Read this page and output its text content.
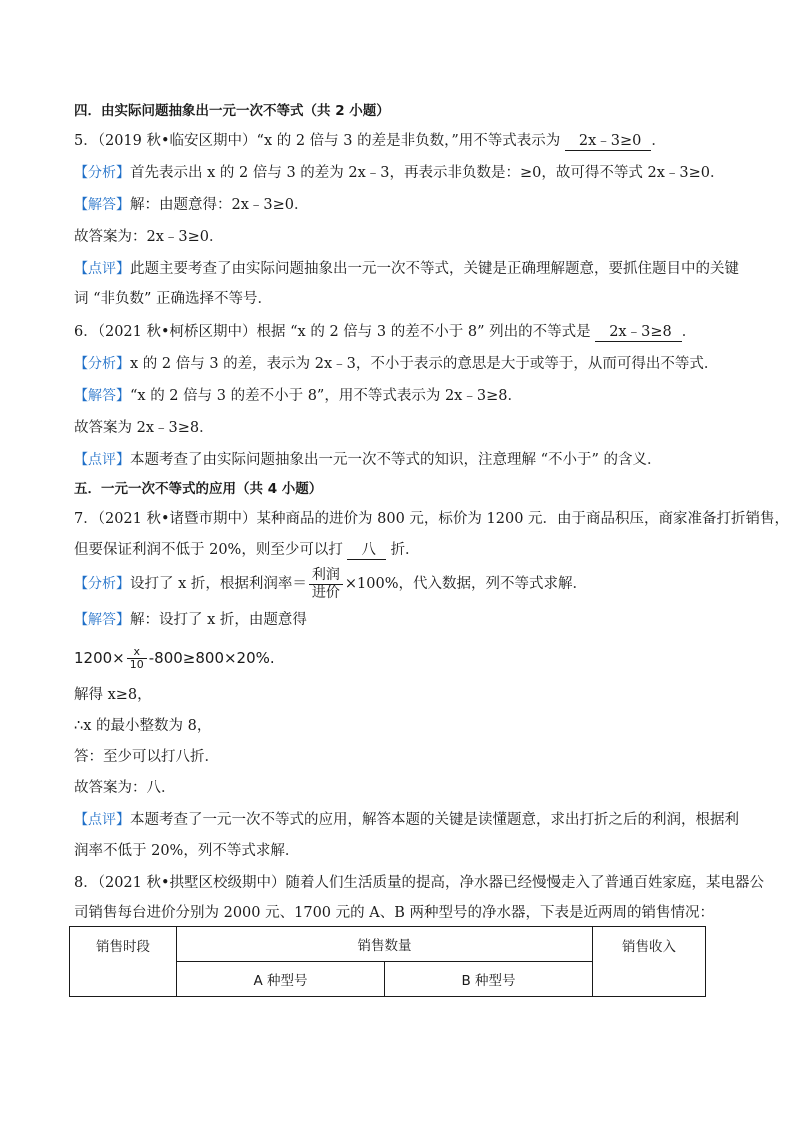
四．由实际问题抽象出一元一次不等式（共 2 小题）
5．（2019 秋•临安区期中）“x 的 2 倍与 3 的差是非负数，”用不等式表示为 2x﹣3≥0 ．
【分析】首先表示出 x 的 2 倍与 3 的差为 2x﹣3，再表示非负数是：≥0，故可得不等式 2x﹣3≥0．
【解答】解：由题意得：2x﹣3≥0．
故答案为：2x﹣3≥0．
【点评】此题主要考查了由实际问题抽象出一元一次不等式，关键是正确理解题意，要抓住题目中的关键
词 “非负数” 正确选择不等号．
6．（2021 秋•柯桥区期中）根据 “x 的 2 倍与 3 的差不小于 8” 列出的不等式是 2x﹣3≥8 ．
【分析】x 的 2 倍与 3 的差，表示为 2x﹣3，不小于表示的意思是大于或等于，从而可得出不等式．
【解答】“x 的 2 倍与 3 的差不小于 8”，用不等式表示为 2x﹣3≥8．
故答案为 2x﹣3≥8．
【点评】本题考查了由实际问题抽象出一元一次不等式的知识，注意理解 “不小于” 的含义．
五．一元一次不等式的应用（共 4 小题）
7．（2021 秋•诸暨市期中）某种商品的进价为 800 元，标价为 1200 元．由于商品积压，商家准备打折销售，
但要保证利润不低于 20%，则至少可以打 八 折．
【分析】设打了 x 折，根据利润率＝ $\frac{\text{利润}}{\text{进价}} \times 100\%$，代入数据，列不等式求解．
【解答】解：设打了 x 折，由题意得
$1200\times \frac{x}{10} -800\ge 800\times 20\%$.
解得 x≥8，
∴x 的最小整数为 8，
答：至少可以打八折．
故答案为：八．
【点评】本题考查了一元一次不等式的应用，解答本题的关键是读懂题意，求出打折之后的利润，根据利
润率不低于 20%，列不等式求解．
8．（2021 秋•拱墅区校级期中）随着人们生活质量的提高，净水器已经慢慢走入了普通百姓家庭，某电器公
司销售每台进价分别为 2000 元、1700 元的 A、B 两种型号的净水器，下表是近两周的销售情况：
销售时段	销售数量		销售收入
	A 种型号	B 种型号	
